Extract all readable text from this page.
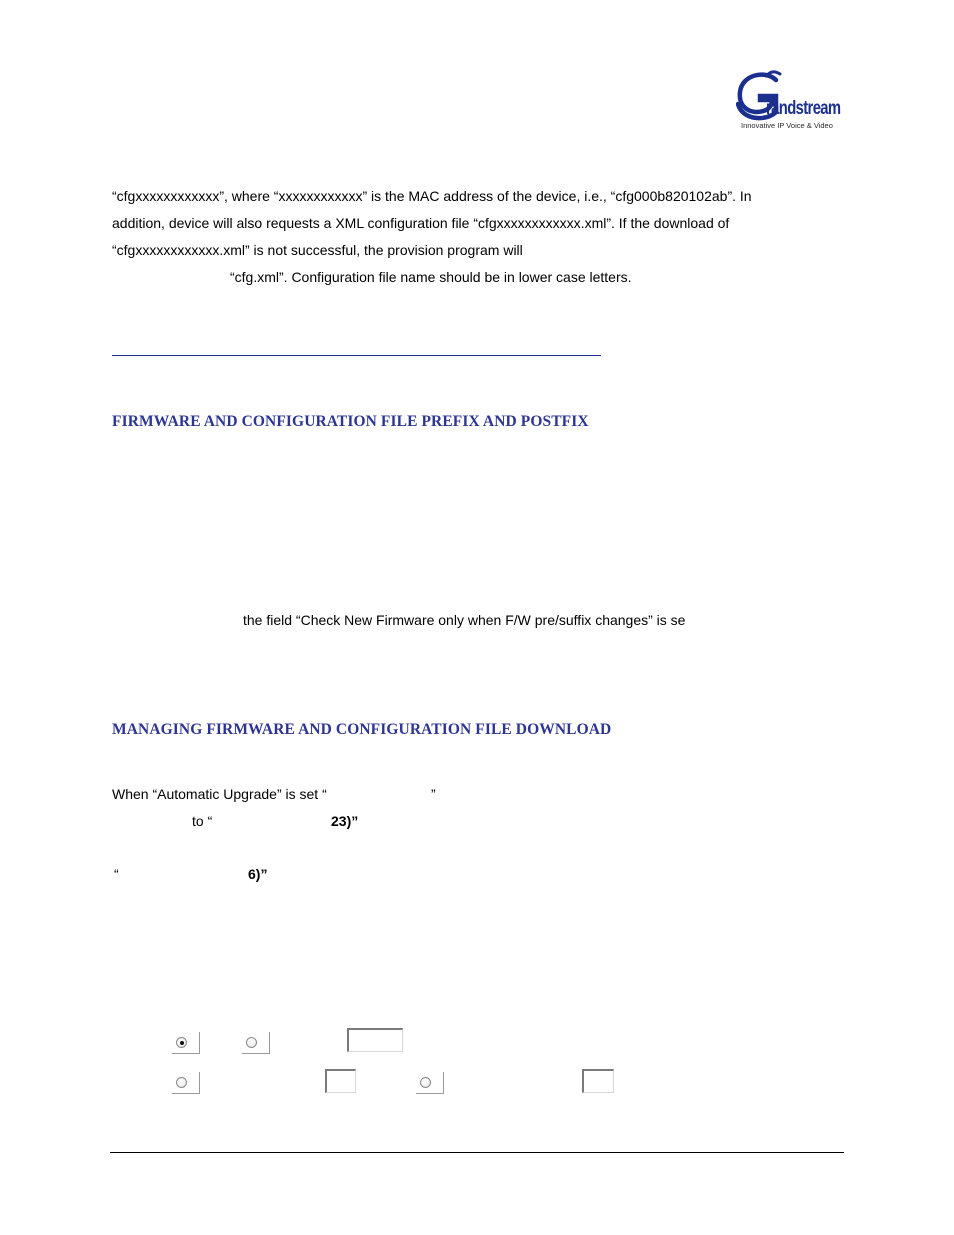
randstream
Innovative IP Voice & Video
“cfgxxxxxxxxxxxx”, where “xxxxxxxxxxxx” is the MAC address of the device, i.e., “cfg000b820102ab”. In
addition, device will also requests a XML configuration file “cfgxxxxxxxxxxxx.xml”. If the download of
“cfgxxxxxxxxxxxx.xml” is not successful, the provision program will
“cfg.xml”. Configuration file name should be in lower case letters.
FIRMWARE AND CONFIGURATION FILE PREFIX AND POSTFIX
the field “Check New Firmware only when F/W pre/suffix changes” is se
MANAGING FIRMWARE AND CONFIGURATION FILE DOWNLOAD
When “Automatic Upgrade” is set “	”
to “	23)”
“	6)”
